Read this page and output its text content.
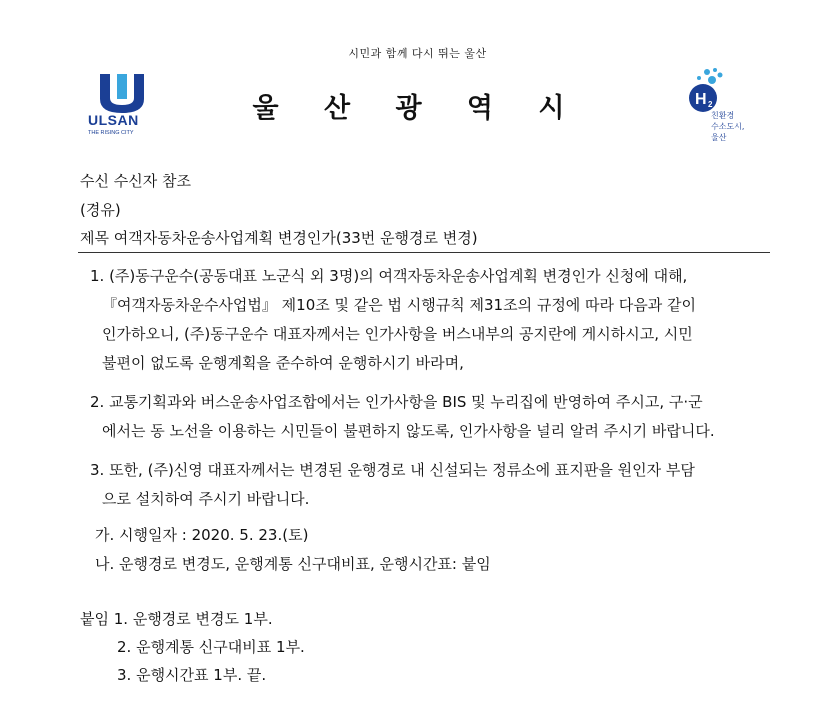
시민과 함께 다시 뛰는 울산
울 산 광 역 시
ULSAN
THE RISING CITY
H 2
친환경
수소도시,
울산
수신 수신자 참조
(경유)
제목 여객자동차운송사업계획 변경인가(33번 운행경로 변경)
1. (주)동구운수(공동대표 노군식 외 3명)의 여객자동차운송사업계획 변경인가 신청에 대해,
『여객자동차운수사업법』 제10조 및 같은 법 시행규칙 제31조의 규정에 따라 다음과 같이
인가하오니, (주)동구운수 대표자께서는 인가사항을 버스내부의 공지란에 게시하시고, 시민
불편이 없도록 운행계획을 준수하여 운행하시기 바라며,
2. 교통기획과와 버스운송사업조합에서는 인가사항을 BIS 및 누리집에 반영하여 주시고, 구·군
에서는 동 노선을 이용하는 시민들이 불편하지 않도록, 인가사항을 널리 알려 주시기 바랍니다.
3. 또한, (주)신영 대표자께서는 변경된 운행경로 내 신설되는 정류소에 표지판을 원인자 부담
으로 설치하여 주시기 바랍니다.
가. 시행일자 : 2020. 5. 23.(토)
나. 운행경로 변경도, 운행계통 신구대비표, 운행시간표: 붙임
붙임 1. 운행경로 변경도 1부.
2. 운행계통 신구대비표 1부.
3. 운행시간표 1부. 끝.
